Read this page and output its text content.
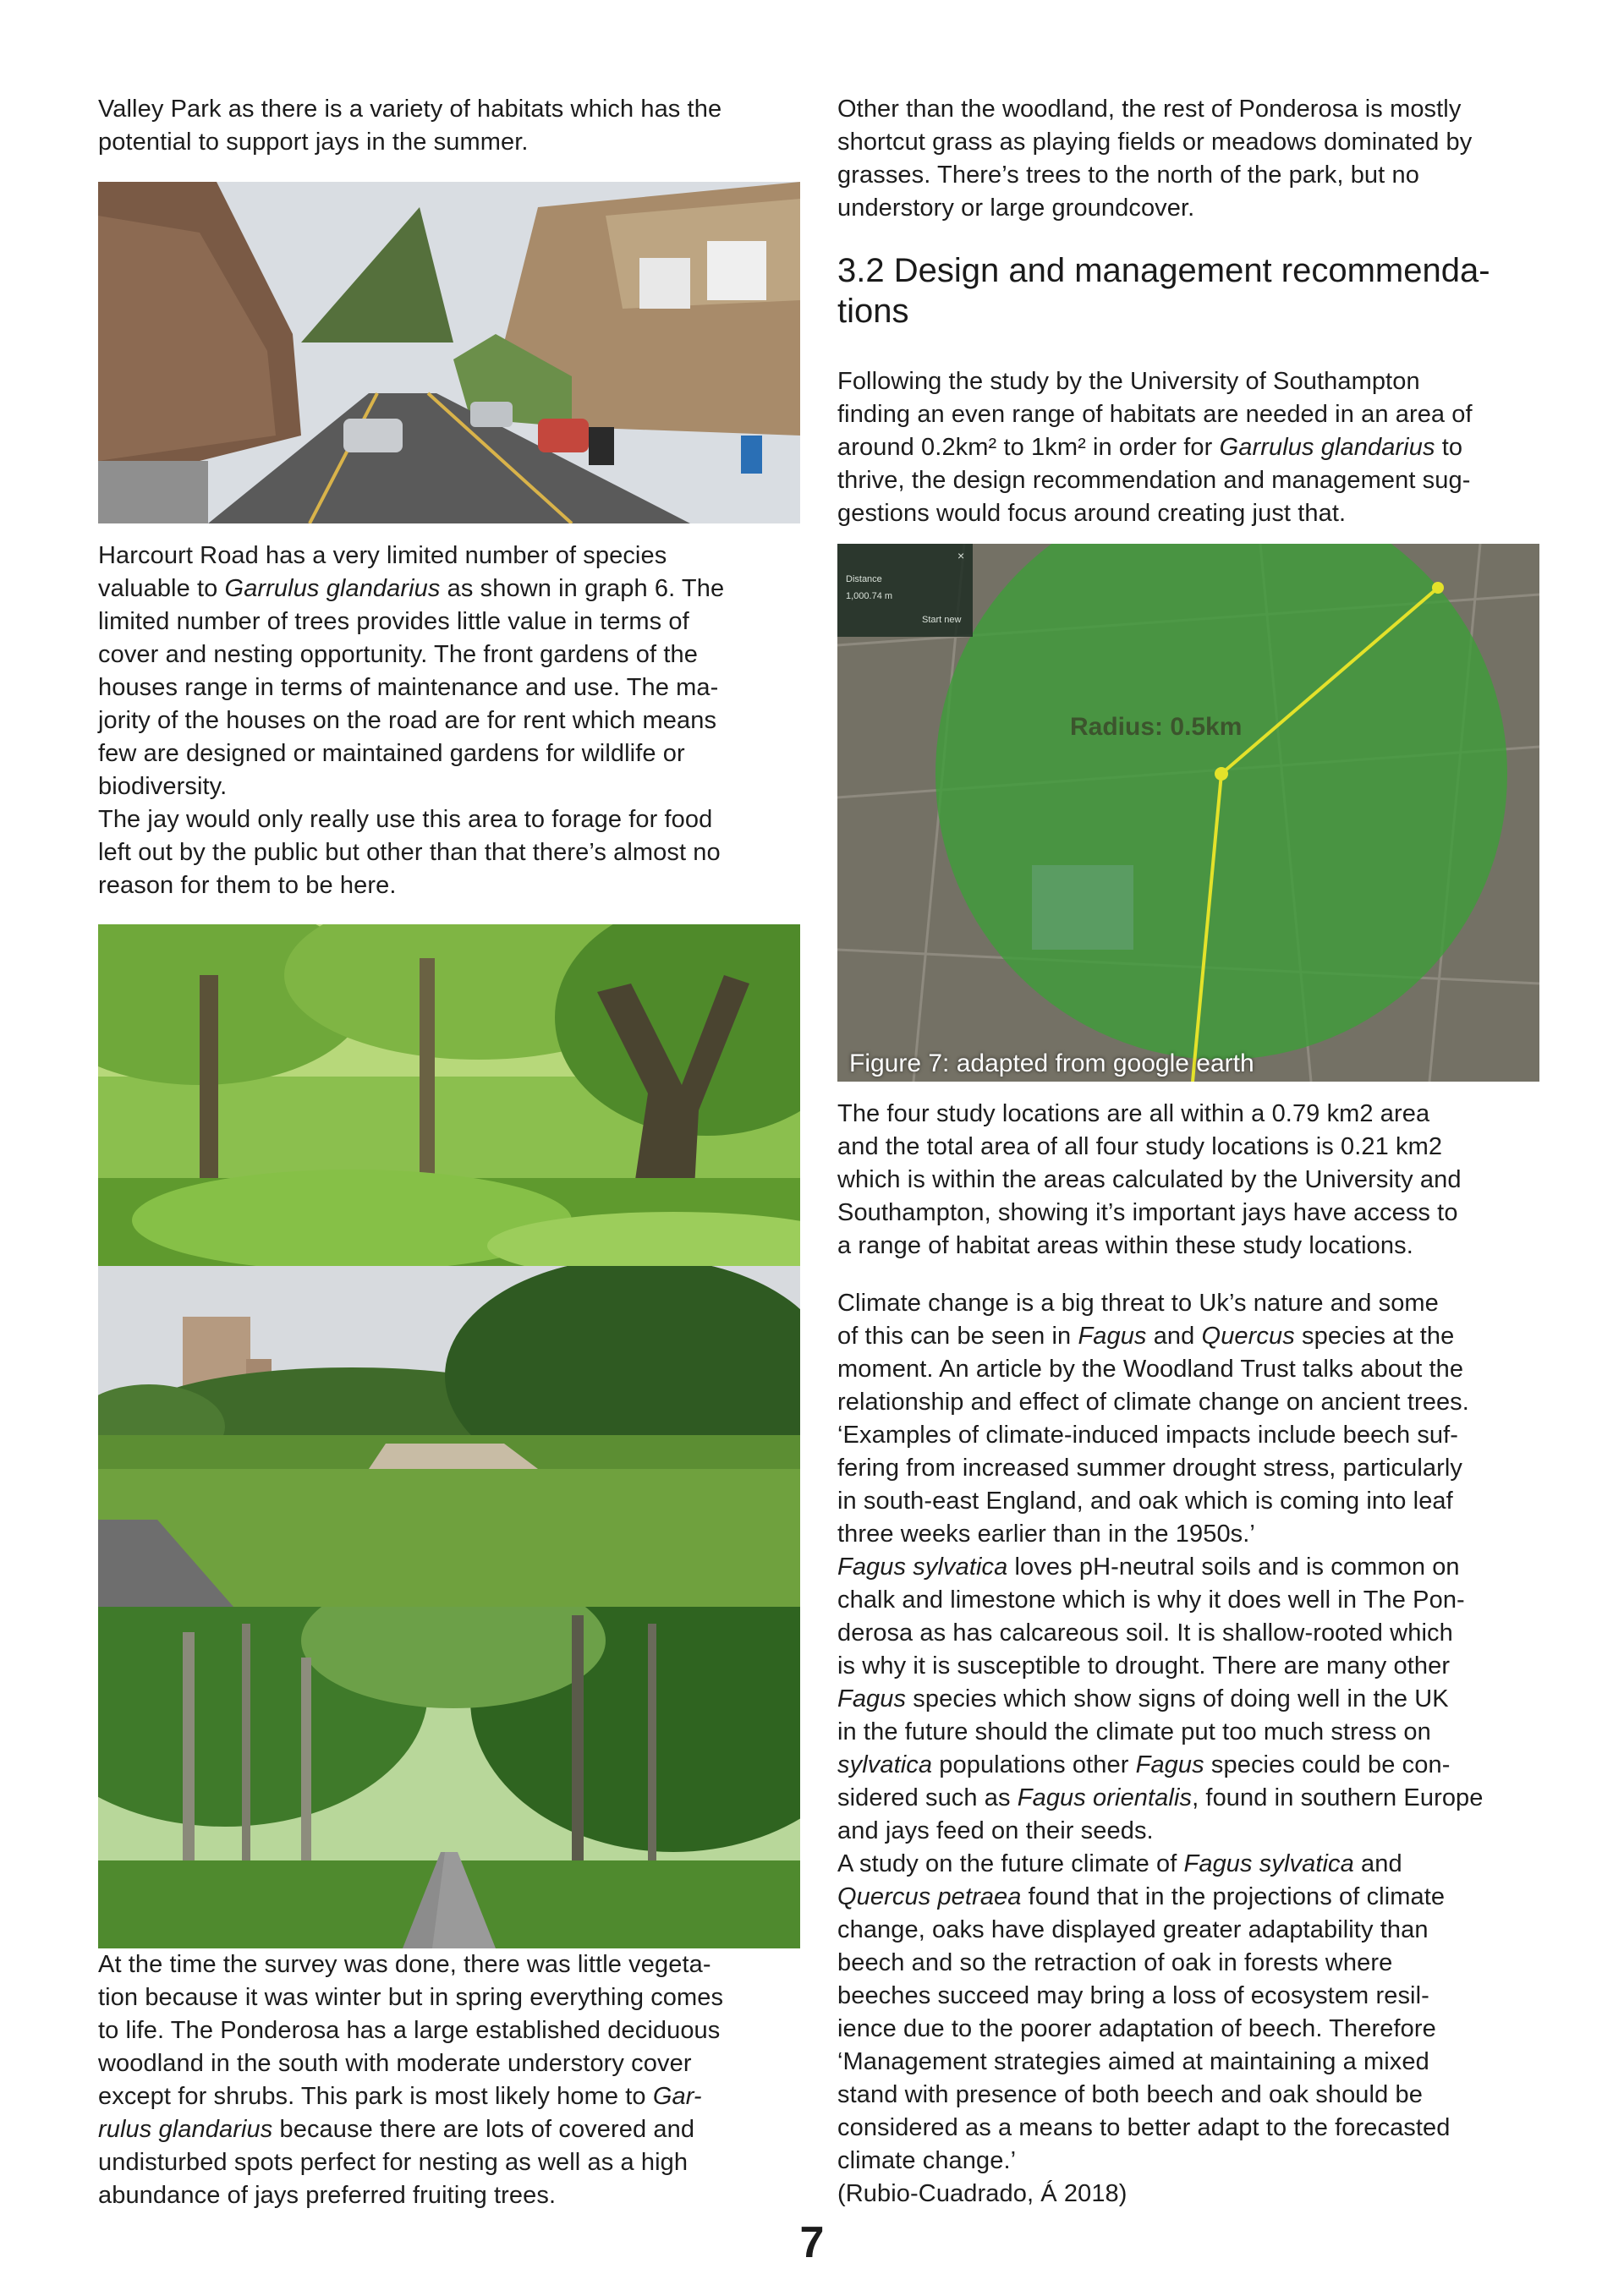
Valley Park as there is a variety of habitats which has the potential to support jays in the summer.

Harcourt Road has a very limited number of species
valuable to Garrulus glandarius as shown in graph 6. The
limited number of trees provides little value in terms of
cover and nesting opportunity. The front gardens of the
houses range in terms of maintenance and use. The ma-
jority of the houses on the road are for rent which means
few are designed or maintained gardens for wildlife or
biodiversity.
The jay would only really use this area to forage for food
left out by the public but other than that there’s almost no
reason for them to be here.

At the time the survey was done, there was little vegeta-
tion because it was winter but in spring everything comes
to life. The Ponderosa has a large established deciduous
woodland in the south with moderate understory cover
except for shrubs. This park is most likely home to Gar-
rulus glandarius because there are lots of covered and
undisturbed spots perfect for nesting as well as a high
abundance of jays preferred fruiting trees.

Other than the woodland, the rest of Ponderosa is mostly shortcut grass as playing fields or meadows dominated by grasses. There’s trees to the north of the park, but no understory or large groundcover.

3.2 Design and management recommenda-
tions

Following the study by the University of Southampton
finding an even range of habitats are needed in an area of
around 0.2km² to 1km² in order for Garrulus glandarius to
thrive, the design recommendation and management sug-
gestions would focus around creating just that.

Distance
1,000.74 m
Start new
×
Radius: 0.5km
Figure 7: adapted from google earth

The four study locations are all within a 0.79 km2 area
and the total area of all four study locations is 0.21 km2
which is within the areas calculated by the University and
Southampton, showing it’s important jays have access to
a range of habitat areas within these study locations.

Climate change is a big threat to Uk’s nature and some
of this can be seen in Fagus and Quercus species at the
moment. An article by the Woodland Trust talks about the
relationship and effect of climate change on ancient trees.
‘Examples of climate-induced impacts include beech suf-
fering from increased summer drought stress, particularly
in south-east England, and oak which is coming into leaf
three weeks earlier than in the 1950s.’
Fagus sylvatica loves pH-neutral soils and is common on
chalk and limestone which is why it does well in The Pon-
derosa as has calcareous soil. It is shallow-rooted which
is why it is susceptible to drought. There are many other
Fagus species which show signs of doing well in the UK
in the future should the climate put too much stress on
sylvatica populations other Fagus species could be con-
sidered such as Fagus orientalis, found in southern Europe
and jays feed on their seeds.
A study on the future climate of Fagus sylvatica and
Quercus petraea found that in the projections of climate
change, oaks have displayed greater adaptability than
beech and so the retraction of oak in forests where
beeches succeed may bring a loss of ecosystem resil-
ience due to the poorer adaptation of beech. Therefore
‘Management strategies aimed at maintaining a mixed
stand with presence of both beech and oak should be
considered as a means to better adapt to the forecasted
climate change.’
(Rubio-Cuadrado, Á 2018)

7
